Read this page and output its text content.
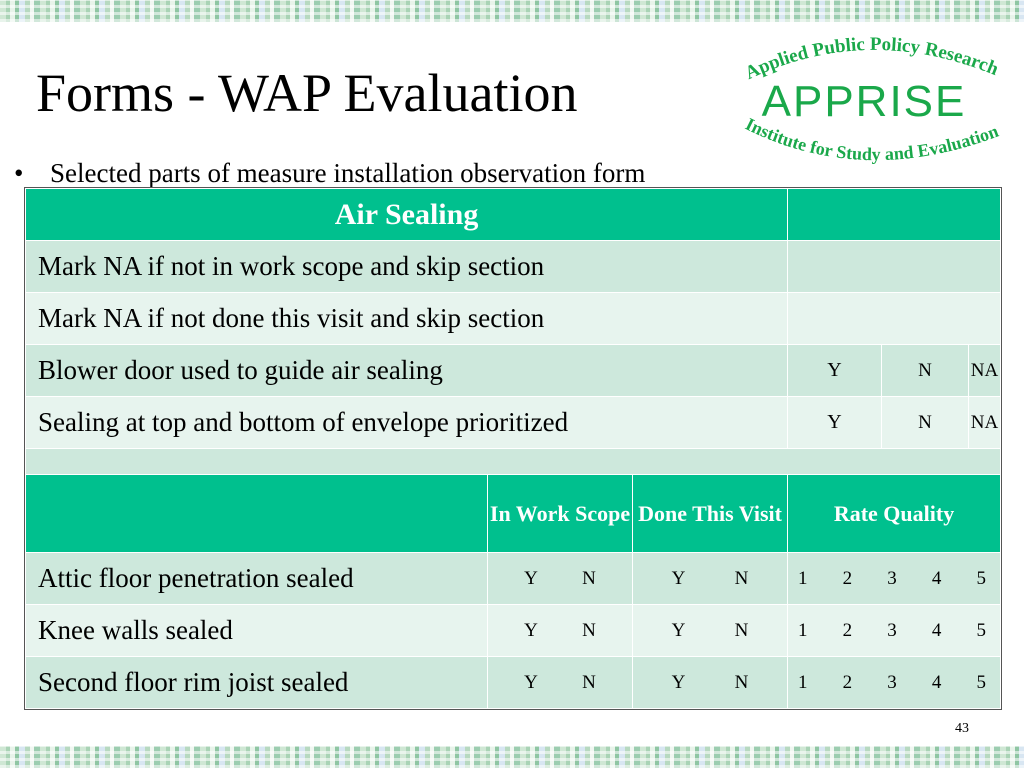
Forms - WAP Evaluation
• Selected parts of measure installation observation form
Applied Public Policy Research
APPRISE
Institute for Study and Evaluation
Air Sealing			
Mark NA if not in work scope and skip section			
Mark NA if not done this visit and skip section			
Blower door used to guide air sealing			Y N NA

Sealing at top and bottom of envelope prioritized			Y N NA

	In Work Scope	Done This Visit	Rate Quality
Attic floor penetration sealed	Y N	Y N	1 2 3 4 5

Knee walls sealed	Y N	Y N	1 2 3 4 5

Second floor rim joist sealed	Y N	Y N	1 2 3 4 5
43
